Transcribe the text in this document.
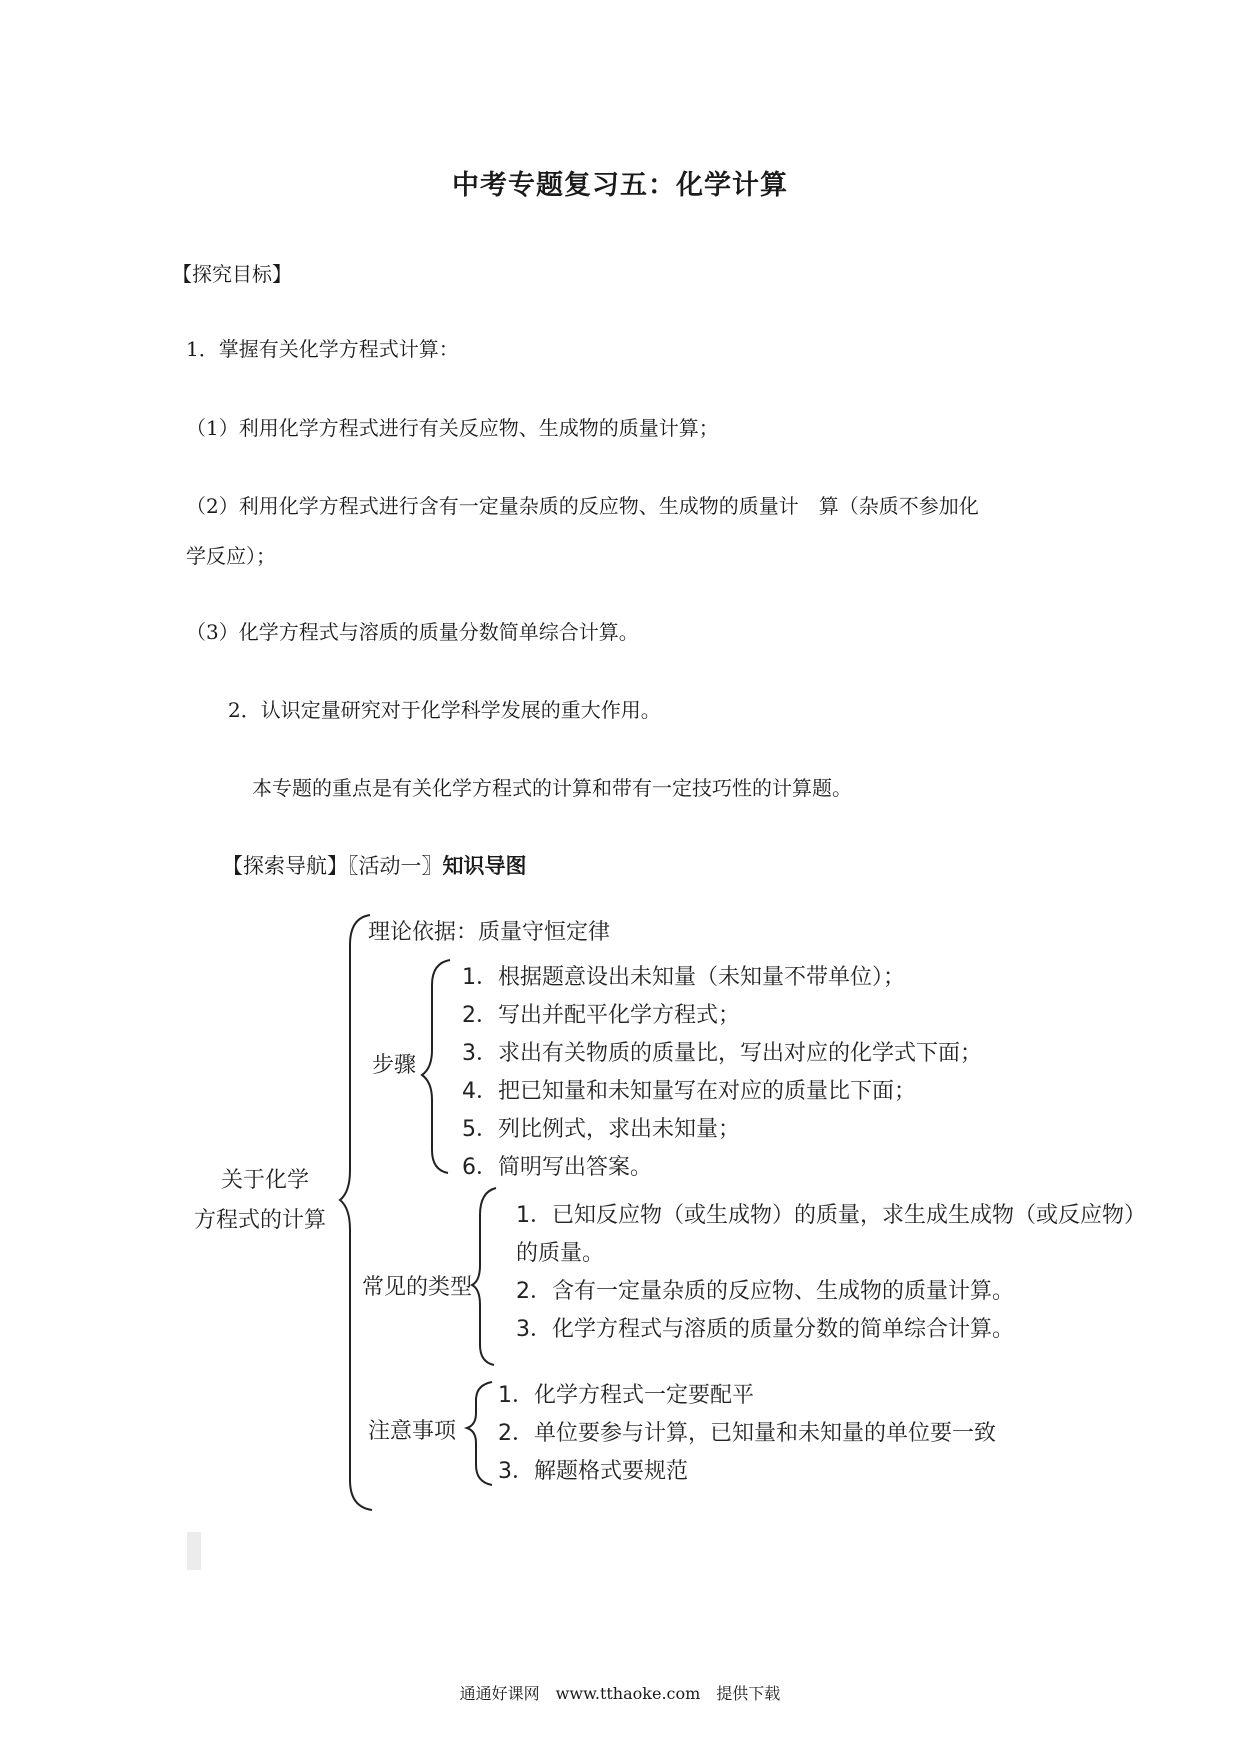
中考专题复习五：化学计算
【探究目标】
1．掌握有关化学方程式计算：
（1）利用化学方程式进行有关反应物、生成物的质量计算；
（2）利用化学方程式进行含有一定量杂质的反应物、生成物的质量计　算（杂质不参加化
学反应）；
（3）化学方程式与溶质的质量分数简单综合计算。
2．认识定量研究对于化学科学发展的重大作用。
本专题的重点是有关化学方程式的计算和带有一定技巧性的计算题。
【探索导航】〖活动一〗知识导图
关于化学
方程式的计算
理论依据：质量守恒定律
步骤
1．根据题意设出未知量（未知量不带单位）；
2．写出并配平化学方程式；
3．求出有关物质的质量比，写出对应的化学式下面；
4．把已知量和未知量写在对应的质量比下面；
5．列比例式，求出未知量；
6．简明写出答案。
常见的类型
1．已知反应物（或生成物）的质量，求生成生成物（或反应物）
的质量。
2．含有一定量杂质的反应物、生成物的质量计算。
3．化学方程式与溶质的质量分数的简单综合计算。
注意事项
1．化学方程式一定要配平
2．单位要参与计算，已知量和未知量的单位要一致
3．解题格式要规范
通通好课网　www.tthaoke.com　提供下载
